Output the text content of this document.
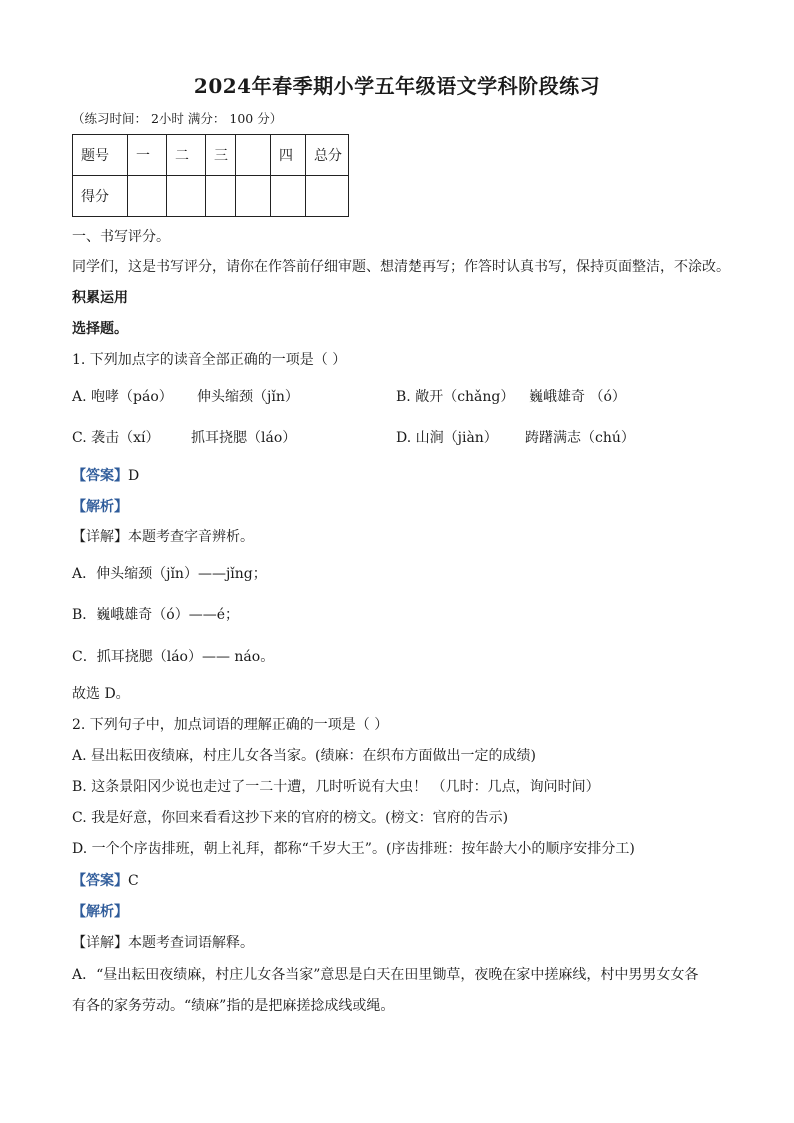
2024年春季期小学五年级语文学科阶段练习
（练习时间： 2小时 满分： 100 分）
题号	一	二	三		四	总分
得分						
一、书写评分。
同学们，这是书写评分，请你在作答前仔细审题、想清楚再写；作答时认真书写，保持页面整洁，不涂改。
积累运用
选择题。
1. 下列加点字的读音全部正确的一项是（ ）
A. 咆哮（páo） 伸头缩颈（jǐn）	B. 敞开（chǎng） 巍峨雄奇 （ó）
C. 袭击（xí） 抓耳挠腮（láo）	D. 山涧（jiàn） 踌躇满志（chú）
【答案】D
【解析】
【详解】本题考查字音辨析。
A．伸头缩颈（jǐn）——jǐng；
B．巍峨雄奇（ó）——é；
C．抓耳挠腮（láo）—— náo。
故选 D。
2. 下列句子中，加点词语的理解正确的一项是（ ）
A. 昼出耘田夜绩麻，村庄儿女各当家。(绩麻：在织布方面做出一定的成绩)
B. 这条景阳冈少说也走过了一二十遭，几时听说有大虫！ （几时：几点，询问时间）
C. 我是好意，你回来看看这抄下来的官府的榜文。(榜文：官府的告示)
D. 一个个序齿排班，朝上礼拜，都称“千岁大王”。(序齿排班：按年龄大小的顺序安排分工)
【答案】C
【解析】
【详解】本题考查词语解释。
A．“昼出耘田夜绩麻，村庄儿女各当家”意思是白天在田里锄草，夜晚在家中搓麻线，村中男男女女各
有各的家务劳动。“绩麻”指的是把麻搓捻成线或绳。
